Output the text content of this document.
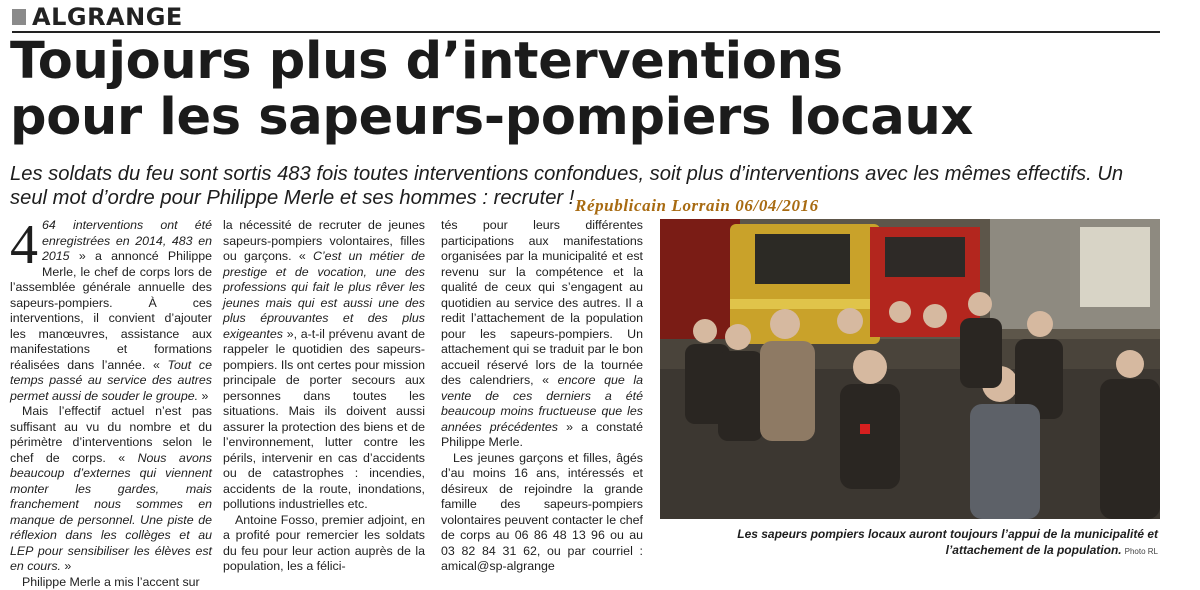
ALGRANGE
Toujours plus d’interventions
pour les sapeurs-pompiers locaux
Les soldats du feu sont sortis 483 fois toutes interventions confondues, soit plus d’interventions avec les mêmes effectifs. Un seul mot d’ordre pour Philippe Merle et ses hommes : recruter ! Républicain Lorrain 06/04/2016

4 64 interventions ont été enregistrées en 2014, 483 en 2015 » a annoncé Philippe Merle, le chef de corps lors de l’assemblée générale annuelle des sapeurs-pompiers. À ces interventions, il convient d’ajouter les manœuvres, assistance aux manifestations et formations réalisées dans l’année. « Tout ce temps passé au service des autres permet aussi de souder le groupe. »

Mais l’effectif actuel n’est pas suffisant au vu du nombre et du périmètre d’interventions selon le chef de corps. « Nous avons beaucoup d’externes qui viennent monter les gardes, mais franchement nous sommes en manque de personnel. Une piste de réflexion dans les collèges et au LEP pour sensibiliser les élèves est en cours. »

Philippe Merle a mis l’accent sur

la nécessité de recruter de jeunes sapeurs-pompiers volontaires, filles ou garçons. « C’est un métier de prestige et de vocation, une des professions qui fait le plus rêver les jeunes mais qui est aussi une des plus éprouvantes et des plus exigeantes », a-t-il prévenu avant de rappeler le quotidien des sapeurs-pompiers. Ils ont certes pour mission principale de porter secours aux personnes dans toutes les situations. Mais ils doivent aussi assurer la protection des biens et de l’environnement, lutter contre les périls, intervenir en cas d’accidents ou de catastrophes : incendies, accidents de la route, inondations, pollutions industrielles etc.

Antoine Fosso, premier adjoint, en a profité pour remercier les soldats du feu pour leur action auprès de la population, les a félici-

tés pour leurs différentes participations aux manifestations organisées par la municipalité et est revenu sur la compétence et la qualité de ceux qui s’engagent au quotidien au service des autres. Il a redit l’attachement de la population pour les sapeurs-pompiers. Un attachement qui se traduit par le bon accueil réservé lors de la tournée des calendriers, « encore que la vente de ces derniers a été beaucoup moins fructueuse que les années précédentes » a constaté Philippe Merle.

Les jeunes garçons et filles, âgés d’au moins 16 ans, intéressés et désireux de rejoindre la grande famille des sapeurs-pompiers volontaires peuvent contacter le chef de corps au 06 86 48 13 96 ou au 03 82 84 31 62, ou par courriel : amical@sp-algrange

Les sapeurs pompiers locaux auront toujours l’appui de la municipalité et l’attachement de la population. Photo RL
